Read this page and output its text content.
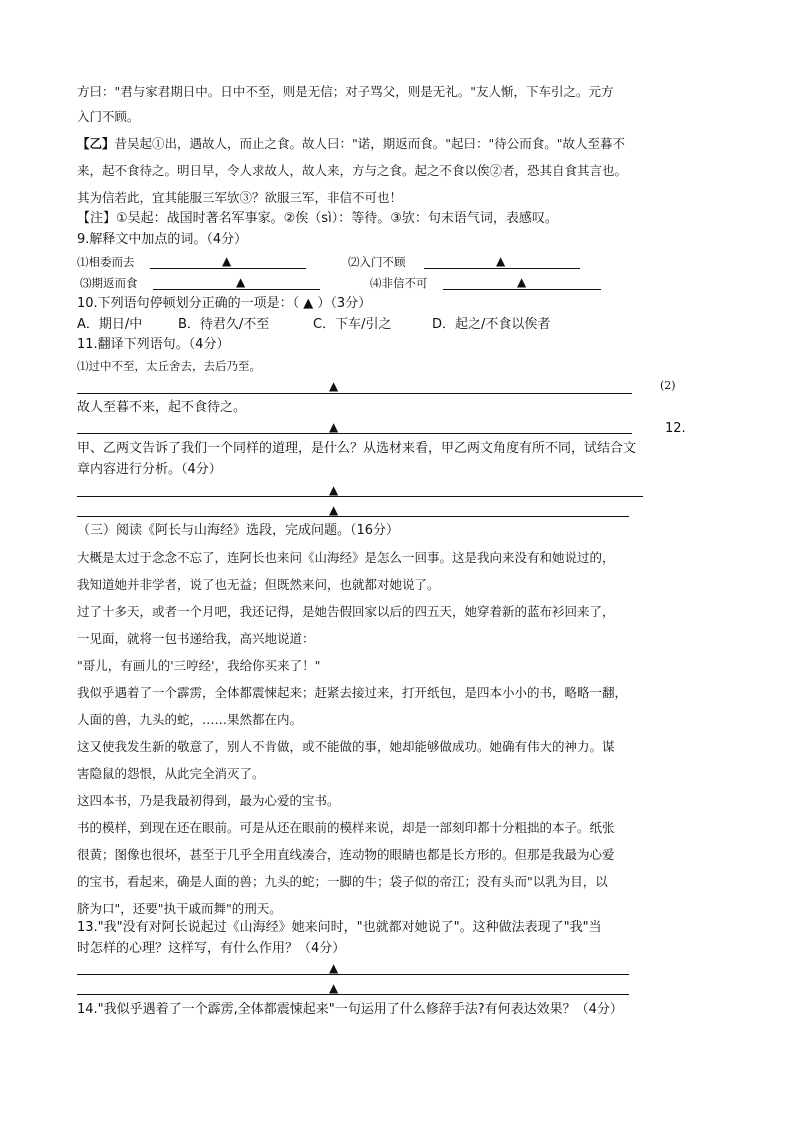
方曰："君与家君期日中。日中不至，则是无信；对子骂父，则是无礼。"友人惭，下车引之。元方
入门不顾。
【乙】昔吴起①出，遇故人，而止之食。故人曰："诺，期返而食。"起曰："待公而食。"故人至暮不
来，起不食待之。明日早，令人求故人，故人来，方与之食。起之不食以俟②者，恐其自食其言也。
其为信若此，宜其能服三军欤③？欲服三军，非信不可也！
【注】①吴起：战国时著名军事家。②俟（sì）：等待。③欤：句末语气词，表感叹。
9.解释文中加点的词。（4分）
⑴相委而去	▲	⑵入门不顾	▲
⑶期返而食	▲	⑷非信不可	▲
10.下列语句停顿划分正确的一项是：（ ▲ ）（3分）
A．期日/中	B．待君久/不至	C．下车/引之	D．起之/不食以俟者
11.翻译下列语句。（4分）
⑴过中不至，太丘舍去，去后乃至。
▲	(2)
故人至暮不来，起不食待之。
▲	12.
甲、乙两文告诉了我们一个同样的道理，是什么？从选材来看，甲乙两文角度有所不同，试结合文
章内容进行分析。（4分）
▲
▲
（三）阅读《阿长与山海经》选段，完成问题。（16分）
大概是太过于念念不忘了，连阿长也来问《山海经》是怎么一回事。这是我向来没有和她说过的，
我知道她并非学者，说了也无益；但既然来问，也就都对她说了。
过了十多天，或者一个月吧，我还记得，是她告假回家以后的四五天，她穿着新的蓝布衫回来了，
一见面，就将一包书递给我，高兴地说道：
"哥儿，有画儿的'三哼经'，我给你买来了！"
我似乎遇着了一个霹雳，全体都震悚起来；赶紧去接过来，打开纸包，是四本小小的书，略略一翻，
人面的兽，九头的蛇，……果然都在内。
这又使我发生新的敬意了，别人不肯做，或不能做的事，她却能够做成功。她确有伟大的神力。谋
害隐鼠的怨恨，从此完全消灭了。
这四本书，乃是我最初得到，最为心爱的宝书。
书的模样，到现在还在眼前。可是从还在眼前的模样来说，却是一部刻印都十分粗拙的本子。纸张
很黄；图像也很坏，甚至于几乎全用直线凑合，连动物的眼睛也都是长方形的。但那是我最为心爱
的宝书，看起来，确是人面的兽；九头的蛇；一脚的牛；袋子似的帝江；没有头而"以乳为目，以
脐为口"，还要"执干戚而舞"的刑天。
13."我"没有对阿长说起过《山海经》她来问时，"也就都对她说了"。这种做法表现了"我"当
时怎样的心理？这样写，有什么作用？（4分）
▲
▲
14."我似乎遇着了一个霹雳,全体都震悚起来"一句运用了什么修辞手法?有何表达效果？（4分）
